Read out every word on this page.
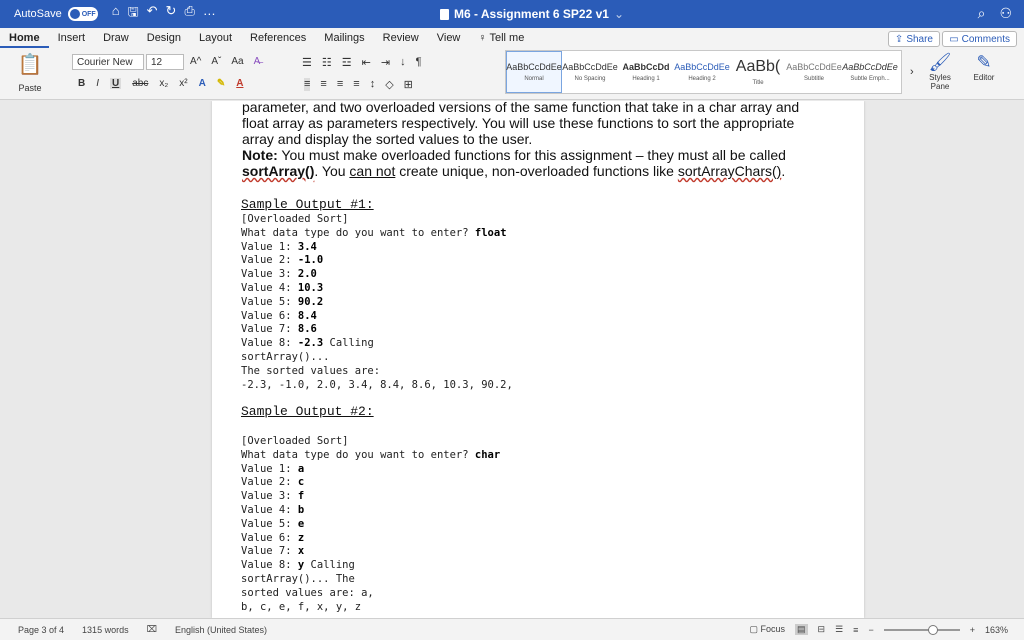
AutoSave	OFF ⌂ 🖫 ↶ ↻ ⎙ …	M6 - Assignment 6 SP22 v1 ⌄	⌕ ⚇
Home	Insert	Draw	Design	Layout	References	Mailings	Review	View	♀ Tell me	⇪ Share ▭ Comments
📋
Paste
Courier New	12	A^ Aˇ Aa A̶
B I U abc x₂ x² A ✎ A
☰ ☷ ☲ ⇤ ⇥ ↓ ¶
≡ ≡ ≡ ≡ ↕ ◇ ⊞
AaBbCcDdEe
Normal
AaBbCcDdEe
No Spacing
AaBbCcDd
Heading 1
AaBbCcDdEe
Heading 2
AaBb(
Title
AaBbCcDdEe
Subtitle
AaBbCcDdEe
Subtle Emph...
› 🖌
Styles Pane
✎
Editor
parameter, and two overloaded versions of the same function that take in a char array and float array as parameters respectively. You will use these functions to sort the appropriate array and display the sorted values to the user.
Note: You must make overloaded functions for this assignment – they must all be called sortArray(). You can not create unique, non-overloaded functions like sortArrayChars().
Sample Output #1:
[Overloaded Sort]
What data type do you want to enter? float
Value 1: 3.4
Value 2: -1.0
Value 3: 2.0
Value 4: 10.3
Value 5: 90.2
Value 6: 8.4
Value 7: 8.6
Value 8: -2.3 Calling
sortArray()...
The sorted values are:
-2.3, -1.0, 2.0, 3.4, 8.4, 8.6, 10.3, 90.2,
Sample Output #2:
[Overloaded Sort]
What data type do you want to enter? char
Value 1: a
Value 2: c
Value 3: f
Value 4: b
Value 5: e
Value 6: z
Value 7: x
Value 8: y Calling
sortArray()... The
sorted values are: a,
b, c, e, f, x, y, z
Page 3 of 4 1315 words ⌧ English (United States)	▢ Focus ▤ ⊟ ☰ ≡ −	+ 163%
